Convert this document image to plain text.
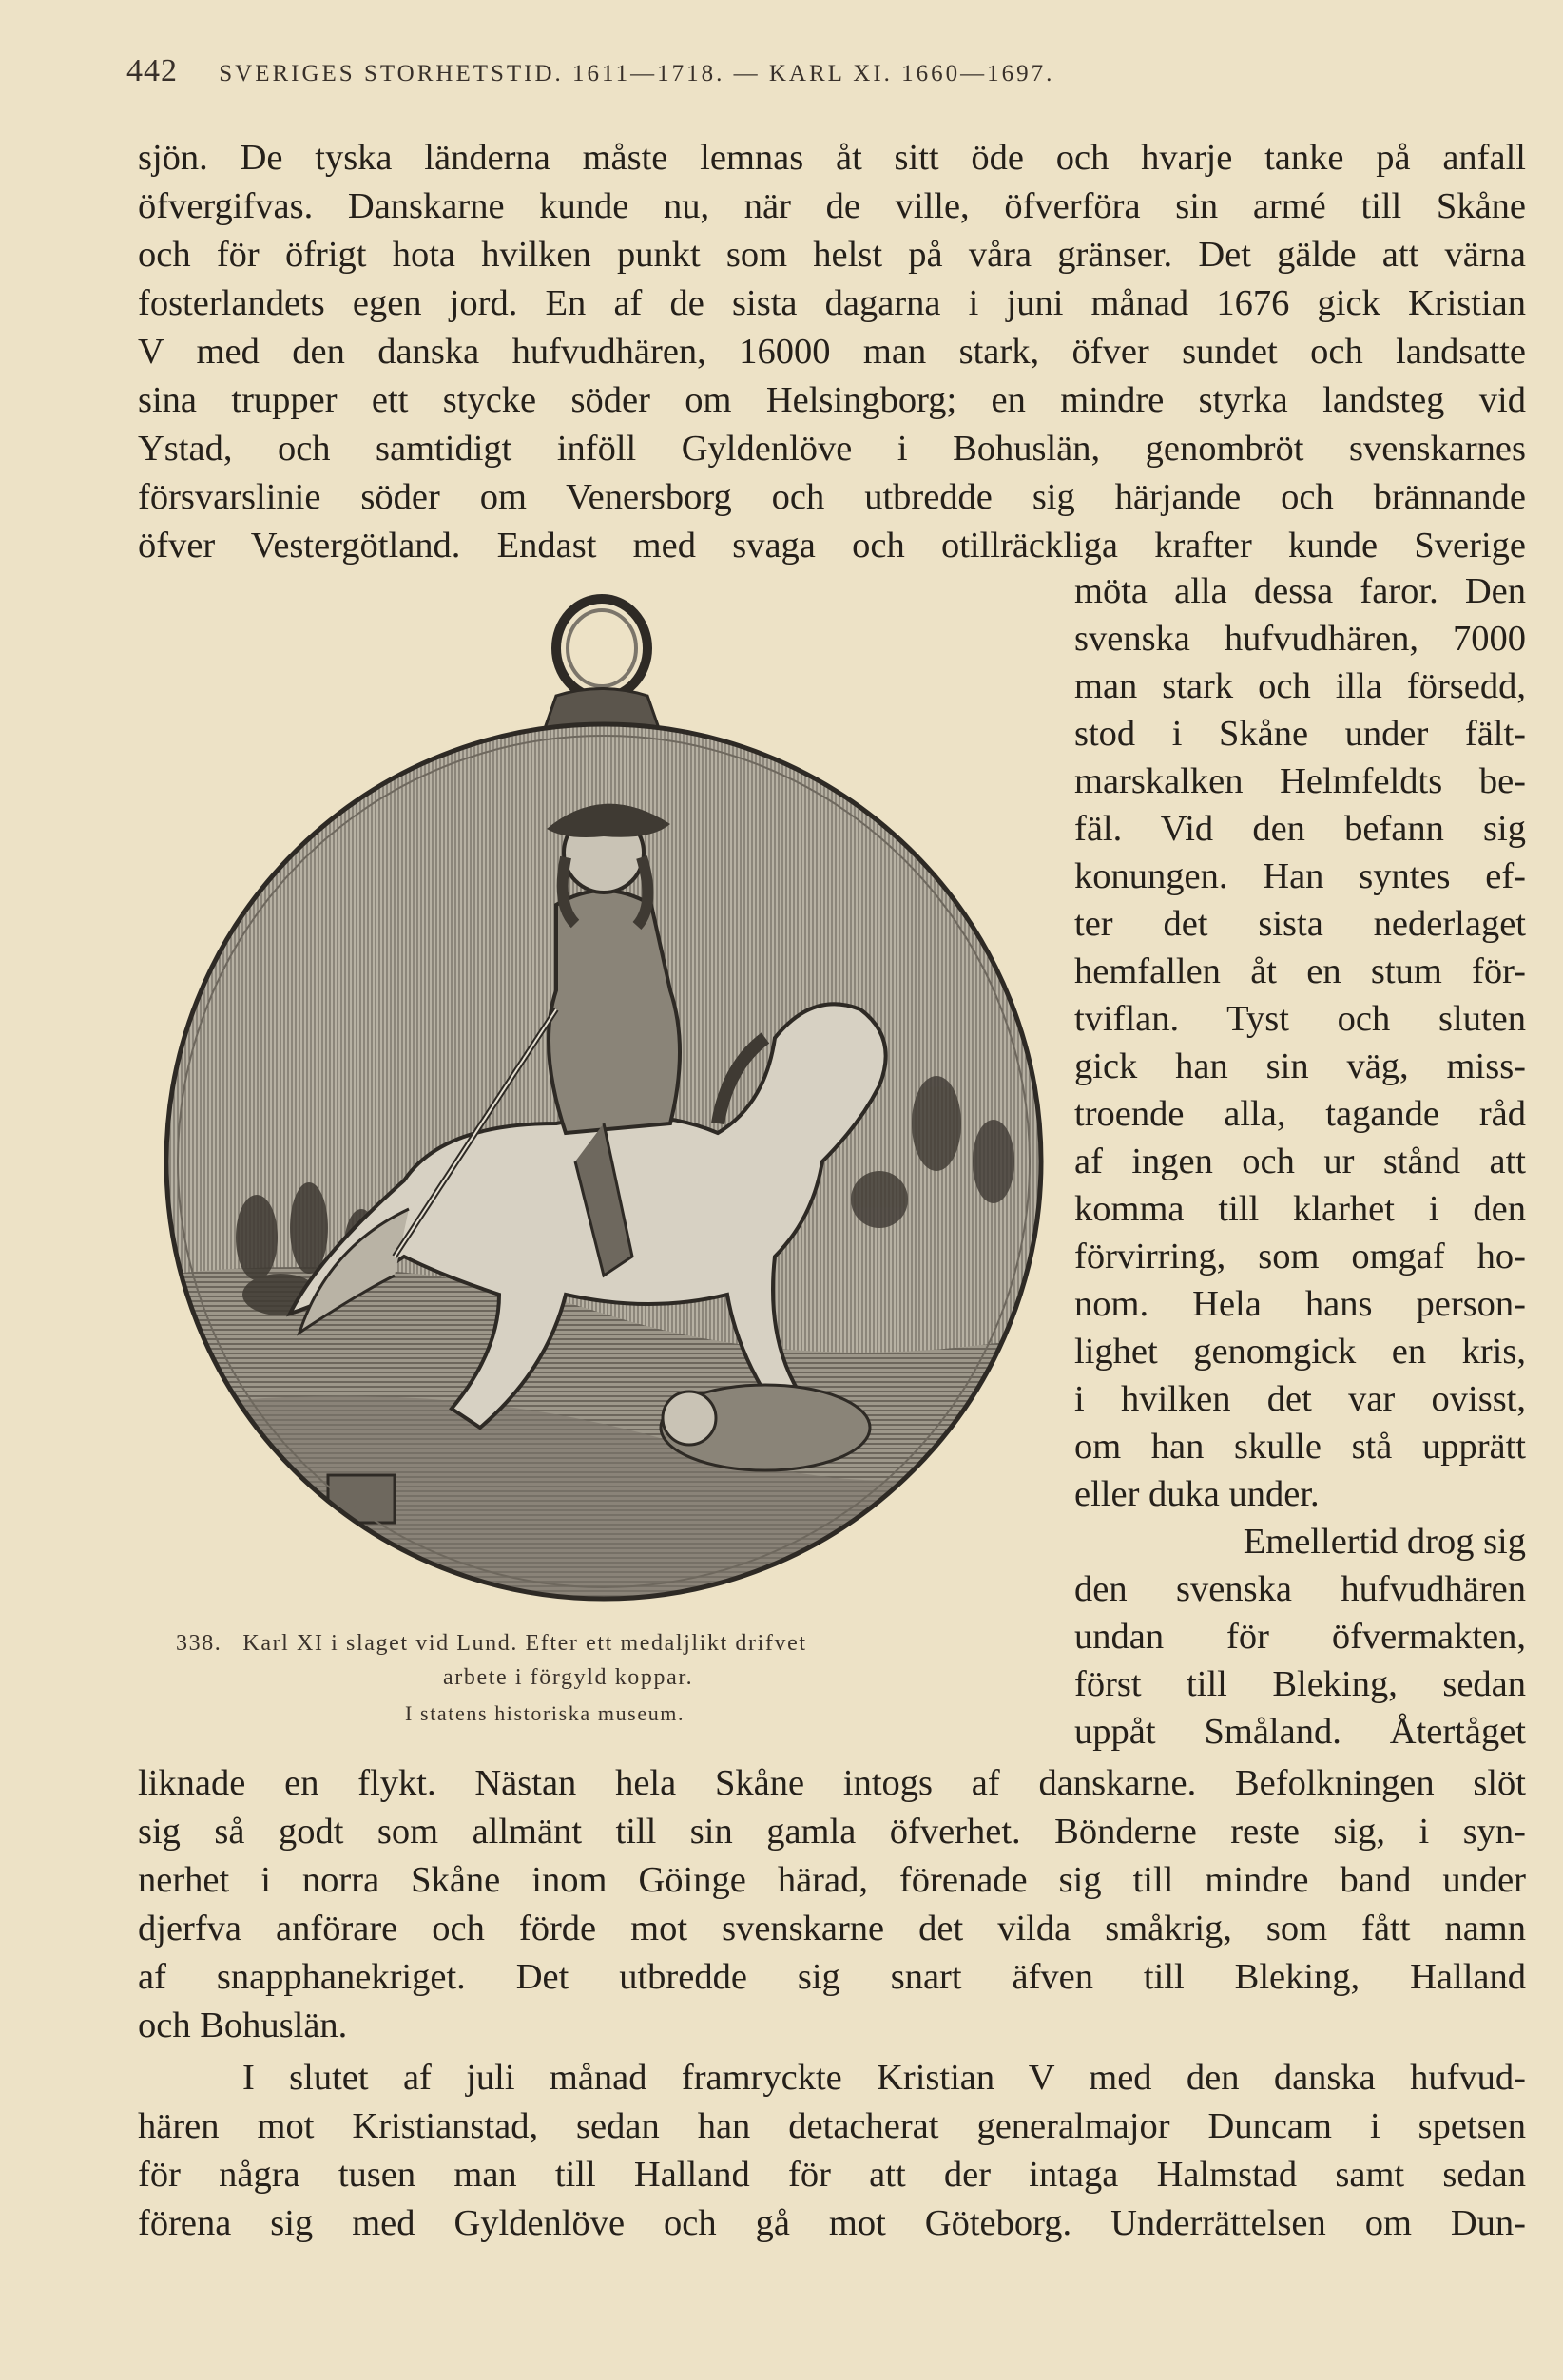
442 SVERIGES STORHETSTID. 1611—1718. — KARL XI. 1660—1697.
sjön. De tyska länderna måste lemnas åt sitt öde och hvarje tanke på anfall
öfvergifvas. Danskarne kunde nu, när de ville, öfverföra sin armé till Skåne
och för öfrigt hota hvilken punkt som helst på våra gränser. Det gälde att värna
fosterlandets egen jord. En af de sista dagarna i juni månad 1676 gick Kristian
V med den danska hufvudhären, 16000 man stark, öfver sundet och landsatte
sina trupper ett stycke söder om Helsingborg; en mindre styrka landsteg vid
Ystad, och samtidigt inföll Gyldenlöve i Bohuslän, genombröt svenskarnes
försvarslinie söder om Venersborg och utbredde sig härjande och brännande
öfver Vestergötland. Endast med svaga och otillräckliga krafter kunde Sverige
möta alla dessa faror. Den
svenska hufvudhären, 7000
man stark och illa försedd,
stod i Skåne under fält-
marskalken Helmfeldts be-
fäl. Vid den befann sig
konungen. Han syntes ef-
ter det sista nederlaget
hemfallen åt en stum för-
tviflan. Tyst och sluten
gick han sin väg, miss-
troende alla, tagande råd
af ingen och ur stånd att
komma till klarhet i den
förvirring, som omgaf ho-
nom. Hela hans person-
lighet genomgick en kris,
i hvilken det var ovisst,
om han skulle stå upprätt
eller duka under.
Emellertid drog sig
den svenska hufvudhären
undan för öfvermakten,
först till Bleking, sedan
uppåt Småland. Återtåget
338. Karl XI i slaget vid Lund. Efter ett medaljlikt drifvet
arbete i förgyld koppar.
I statens historiska museum.
liknade en flykt. Nästan hela Skåne intogs af danskarne. Befolkningen slöt
sig så godt som allmänt till sin gamla öfverhet. Bönderne reste sig, i syn-
nerhet i norra Skåne inom Göinge härad, förenade sig till mindre band under
djerfva anförare och förde mot svenskarne det vilda småkrig, som fått namn
af snapphanekriget. Det utbredde sig snart äfven till Bleking, Halland
och Bohuslän.
I slutet af juli månad framryckte Kristian V med den danska hufvud-
hären mot Kristianstad, sedan han detacherat generalmajor Duncam i spetsen
för några tusen man till Halland för att der intaga Halmstad samt sedan
förena sig med Gyldenlöve och gå mot Göteborg. Underrättelsen om Dun-
